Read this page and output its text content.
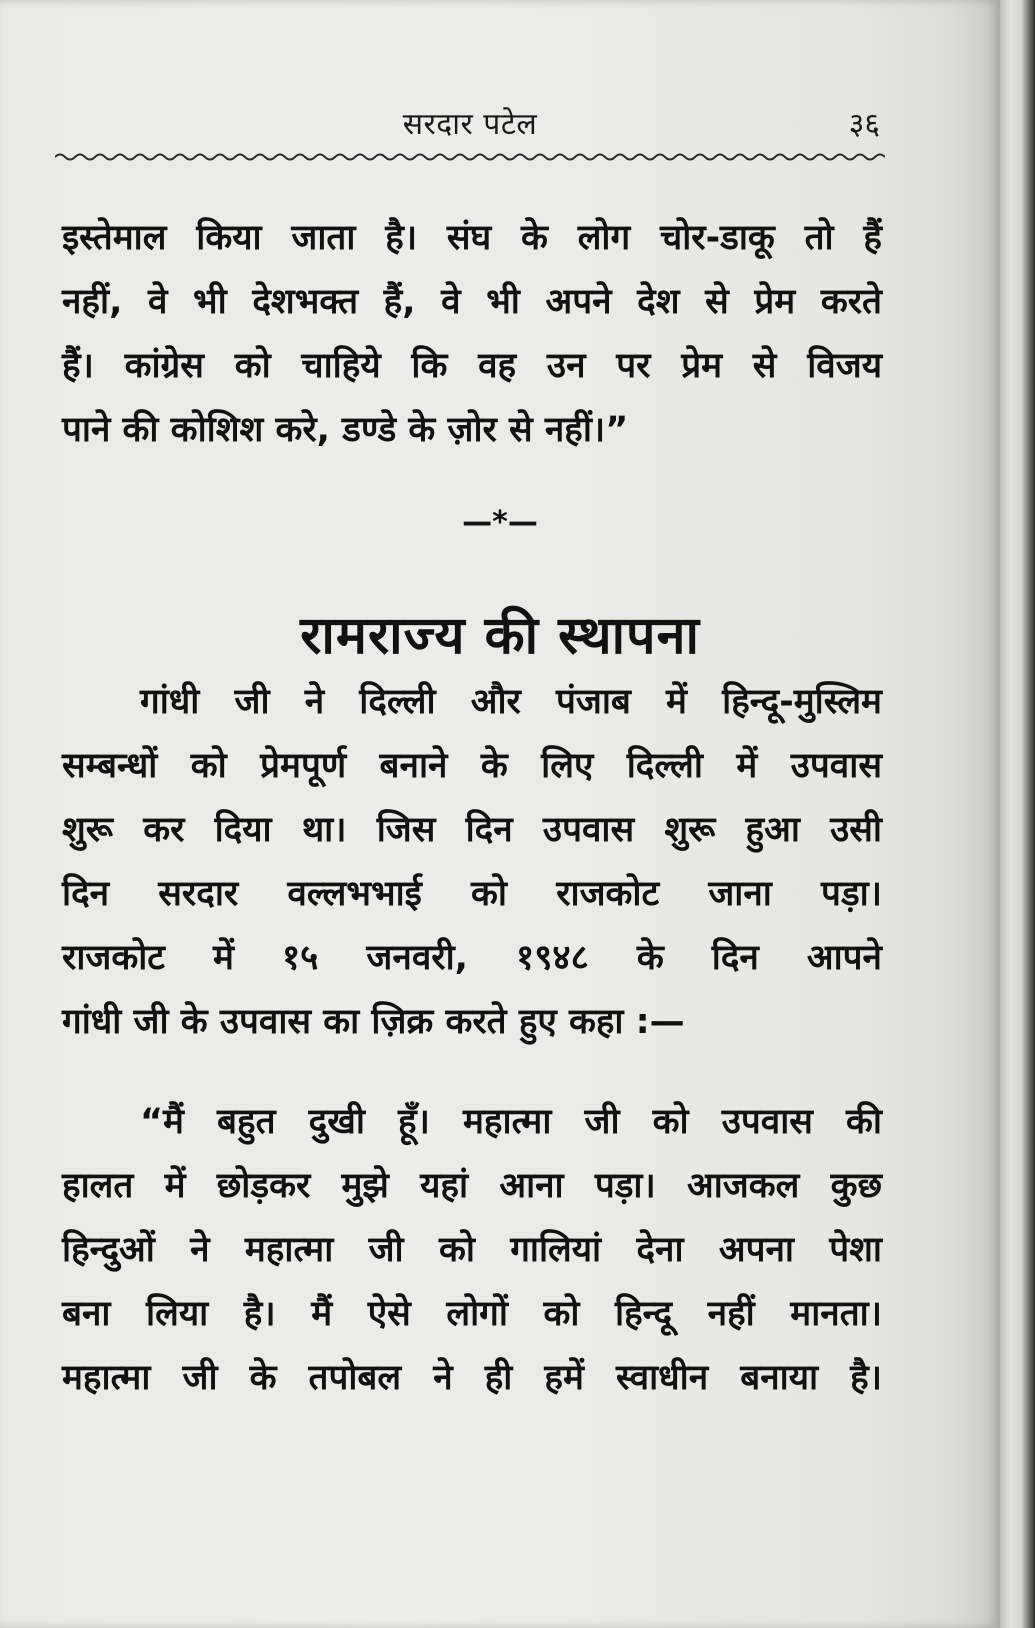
सरदार पटेल	३६
इस्तेमाल किया जाता है। संघ के लोग चोर-डाकू तो हैं
नहीं, वे भी देशभक्त हैं, वे भी अपने देश से प्रेम करते
हैं। कांग्रेस को चाहिये कि वह उन पर प्रेम से विजय
पाने की कोशिश करे, डण्डे के ज़ोर से नहीं।”
—*—
रामराज्य की स्थापना
गांधी जी ने दिल्ली और पंजाब में हिन्दू-मुस्लिम
सम्बन्धों को प्रेमपूर्ण बनाने के लिए दिल्ली में उपवास
शुरू कर दिया था। जिस दिन उपवास शुरू हुआ उसी
दिन सरदार वल्लभभाई को राजकोट जाना पड़ा।
राजकोट में १५ जनवरी, १९४८ के दिन आपने
गांधी जी के उपवास का ज़िक्र करते हुए कहा :—
“मैं बहुत दुखी हूँ। महात्मा जी को उपवास की
हालत में छोड़कर मुझे यहां आना पड़ा। आजकल कुछ
हिन्दुओं ने महात्मा जी को गालियां देना अपना पेशा
बना लिया है। मैं ऐसे लोगों को हिन्दू नहीं मानता।
महात्मा जी के तपोबल ने ही हमें स्वाधीन बनाया है।
